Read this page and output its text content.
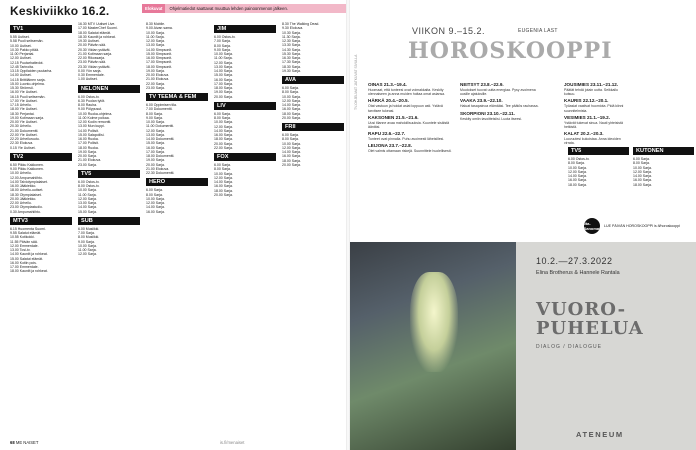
Keskiviikko 16.2.	Elokuvat	Ohjelmatiedot saattavat muuttua lehden painoonmenon jälkeen.
TV1
5.55 Uutiset.
5.58 Puoli seitsemän.
10.00 Uutiset.
10.30 Pakko pitää.
11.00 Perjantai.
12.00 Uutiset.
12.15 Puutarhatiedot.
12.45 Tarinoita.
13.15 Oppilaiden puutarha.
14.00 Uutiset.
14.15 Brittiläinen sarja.
15.00 Luonto-ohjelma.
15.30 Strömsö.
16.00 Yle Uutiset.
16.15 Puoli seitsemän.
17.00 Yle Uutiset.
17.15 Urheilu.
18.00 Yle Uutiset.
18.30 Perjantai.
19.00 Kotimaan sarja.
20.00 Yle Uutiset.
20.30 Urheilu.
21.00 Dokumentti.
22.00 Yle Uutiset.
22.20 Urheiluruutu.
22.30 Elokuva.
0.15 Yle Uutiset.
TV2
6.50 Pikku Kakkonen.
9.00 Pikku Kakkonen.
10.00 Urheilu.
12.00 Ampumahiihto.
14.00 Talviolympialaiset.
16.00 Jääkiekko.
18.00 Urheilu-uutiset.
18.30 Olympialaiset.
20.00 Jääkiekko.
22.00 Urheilu.
23.00 Olympiastudio.
0.30 Ampumahiihto.
MTV3
6.15 Huomenta Suomi.
9.55 Salatut elämät.
10.55 Kotikokki.
11.55 Päivän sää.
12.00 Emmerdale.
13.00 Tosi-tv.
14.00 Kauniit ja rohkeat.
15.00 Salatut elämät.
16.00 Kotiin pois.
17.00 Emmerdale.
18.00 Kauniit ja rohkeat.
16.30 MTV Uutiset Live.
17.00 MasterChef Suomi.
18.00 Salatut elämät.
18.30 Kauniit ja rohkeat.
19.30 Uutiset.
20.00 Päivän sää.
20.30 Viidan ystävät.
21.00 Kotimaan sarja.
22.00 Rikossarja.
23.00 Päivän sää.
23.30 Viidan ystävät.
0.00 Yön sarja.
0.30 Emmerdale.
1.00 Uutiset.
NELONEN
6.00 Ostos-tv.
6.30 Puolan tytöt.
8.00 Rauha.
9.00 Pölypusut.
10.00 Ruoka-ohjelma.
11.00 Kolme poikaa.
12.00 Kodin remontti.
13.00 Mun kuppi.
14.00 Poliisit.
15.00 Salapoliisi.
16.00 Ruoka.
17.00 Poliisit.
18.00 Ruoka.
19.00 Sarja.
20.00 Sarja.
21.00 Elokuva.
23.00 Sarja.
TV5
6.00 Ostos-tv.
8.00 Ostos-tv.
10.00 Sarja.
11.00 Sarja.
12.00 Sarja.
13.00 Sarja.
14.00 Sarja.
15.00 Sarja.
SUB
6.00 Musiikki.
7.00 Sarja.
8.00 Musiikki.
9.00 Sarja.
10.00 Sarja.
11.00 Sarja.
12.00 Sarja.
8.30 Mobile.
9.00 Aivan sama.
10.00 Sarja.
11.00 Sarja.
12.00 Sarja.
13.00 Sarja.
14.00 Simpsonit.
15.00 Simpsonit.
16.00 Simpsonit.
17.00 Simpsonit.
18.00 Simpsonit.
19.00 Sarja.
20.00 Elokuva.
21.00 Elokuva.
22.00 Sarja.
23.00 Sarja.
TV TEEMA & FEM
6.00 Oppimisen tila.
7.00 Dokumentti.
8.00 Sarja.
9.00 Sarja.
10.00 Sarja.
11.00 Dokumentti.
12.00 Sarja.
13.00 Sarja.
14.00 Dokumentti.
15.00 Sarja.
16.00 Sarja.
17.00 Sarja.
18.00 Dokumentti.
19.00 Sarja.
20.00 Sarja.
21.00 Elokuva.
22.30 Dokumentti.
HERO
6.00 Sarja.
8.00 Sarja.
10.00 Sarja.
12.00 Sarja.
14.00 Sarja.
16.00 Sarja.
JIM
6.00 Ostos-tv.
7.00 Sarja.
8.00 Sarja.
9.00 Sarja.
10.00 Sarja.
11.00 Sarja.
12.00 Sarja.
13.00 Sarja.
14.00 Sarja.
15.00 Sarja.
16.00 Sarja.
17.00 Sarja.
18.00 Sarja.
19.00 Sarja.
20.00 Sarja.
LIV
6.00 Sarja.
8.00 Sarja.
10.00 Sarja.
12.00 Sarja.
14.00 Sarja.
16.00 Sarja.
18.00 Sarja.
20.00 Sarja.
22.00 Sarja.
FOX
6.00 Sarja.
8.00 Sarja.
10.00 Sarja.
12.00 Sarja.
14.00 Sarja.
16.00 Sarja.
18.00 Sarja.
20.00 Sarja.
8.30 The Walking Dead.
9.30 Elokuva.
10.30 Sarja.
11.30 Sarja.
12.30 Sarja.
13.30 Sarja.
14.30 Sarja.
15.30 Sarja.
16.30 Sarja.
17.30 Sarja.
18.30 Sarja.
19.30 Sarja.
AVA
6.00 Sarja.
8.00 Sarja.
10.00 Sarja.
12.00 Sarja.
14.00 Sarja.
16.00 Sarja.
18.00 Sarja.
20.00 Sarja.
FRII
6.00 Sarja.
8.00 Sarja.
10.00 Sarja.
12.00 Sarja.
14.00 Sarja.
16.00 Sarja.
18.00 Sarja.
20.00 Sarja.
68 ME NAISET	is.fi/menaiset
TV-OHJELMAT JATKUVAT SIVULLA
VIIKON 9.–15.2.	EUGENIA LAST
HOROSKOOPPI
OINAS 21.3.–19.4.
Huomaat, että tunteesi ovat voimakkaita. Keskity olennaiseen ja anna muiden hoitaa omat asiansa.
HÄRKÄ 20.4.–20.5.
Otat vastuun ja hoidat asiat loppuun asti. Ystävä tarvitsee tukeasi.
KAKSONEN 21.5.–21.6.
Uusi tilanne avaa mahdollisuuksia. Kuuntele sisäistä ääntäsi.
RAPU 22.6.–22.7.
Tunteet ovat pinnalla. Puhu avoimesti läheisillesi.
LEIJONA 23.7.–22.8.
Olet valmis ottamaan riskejä. Suunnittele huolellisesti.
NEITSYT 23.8.–22.9.
Muutokset tuovat uutta energiaa. Pysy avoimena uusille ajatuksille.
VAAKA 23.9.–22.10.
Haluat tasapainoa elämääsi. Tee päätös rauhassa.
SKORPIONI 23.10.–22.11.
Keskity omiin tavoitteisiisi. Luota itseesi.
JOUSIMIES 23.11.–21.12.
Päätät tehdä jotain uutta. Seikkailu kutsuu.
KAURIS 22.12.–20.1.
Työasiat vaativat huomiota. Pidä kiinni suunnitelmista.
VESIMIES 21.1.–19.2.
Ystävät tukevat sinua. Nauti yhteisistä hetkistä.
KALAT 20.2.–20.3.
Luovuutesi kukoistaa. Anna ideoiden virrata.
TV5
6.00 Ostos-tv.
8.00 Sarja.
10.00 Sarja.
12.00 Sarja.
14.00 Sarja.
16.00 Sarja.
18.00 Sarja.
KUTONEN
6.00 Sarja.
8.00 Sarja.
10.00 Sarja.
12.00 Sarja.
14.00 Sarja.
16.00 Sarja.
18.00 Sarja.
Ilta-Sanomat
LUE PÄIVÄN HOROSKOOPPI is.fi/horoskooppi
10.2.—27.3.2022
Elina Brotherus & Hannele Rantala
VUORO-
PUHELUA
DIALOG / DIALOGUE
ATENEUM
